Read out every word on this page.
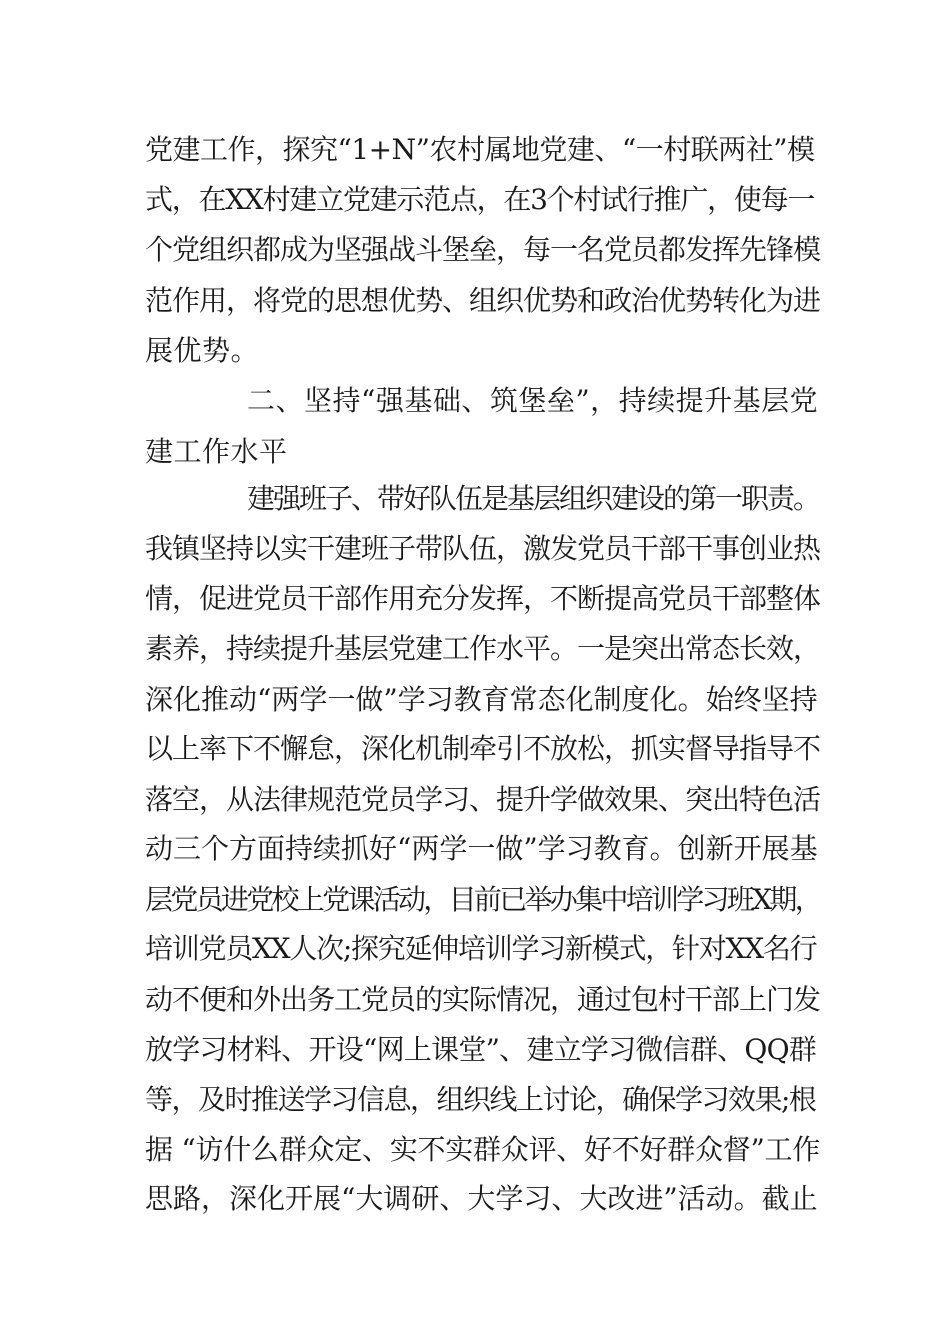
党建工作，探究“1+N”农村属地党建、“一村联两社”模
式，在XX村建立党建示范点，在3个村试行推广，使每一
个党组织都成为坚强战斗堡垒，每一名党员都发挥先锋模
范作用，将党的思想优势、组织优势和政治优势转化为进
展优势。
二、坚持“强基础、筑堡垒”，持续提升基层党
建工作水平
建强班子、带好队伍是基层组织建设的第一职责。
我镇坚持以实干建班子带队伍，激发党员干部干事创业热
情，促进党员干部作用充分发挥，不断提高党员干部整体
素养，持续提升基层党建工作水平。一是突出常态长效，
深化推动“两学一做”学习教育常态化制度化。始终坚持
以上率下不懈怠，深化机制牵引不放松，抓实督导指导不
落空，从法律规范党员学习、提升学做效果、突出特色活
动三个方面持续抓好“两学一做”学习教育。创新开展基
层党员进党校上党课活动，目前已举办集中培训学习班X期，
培训党员XX人次;探究延伸培训学习新模式，针对XX名行
动不便和外出务工党员的实际情况，通过包村干部上门发
放学习材料、开设“网上课堂”、建立学习微信群、QQ群
等，及时推送学习信息，组织线上讨论，确保学习效果;根
据 “访什么群众定、实不实群众评、好不好群众督”工作
思路，深化开展“大调研、大学习、大改进”活动。截止
